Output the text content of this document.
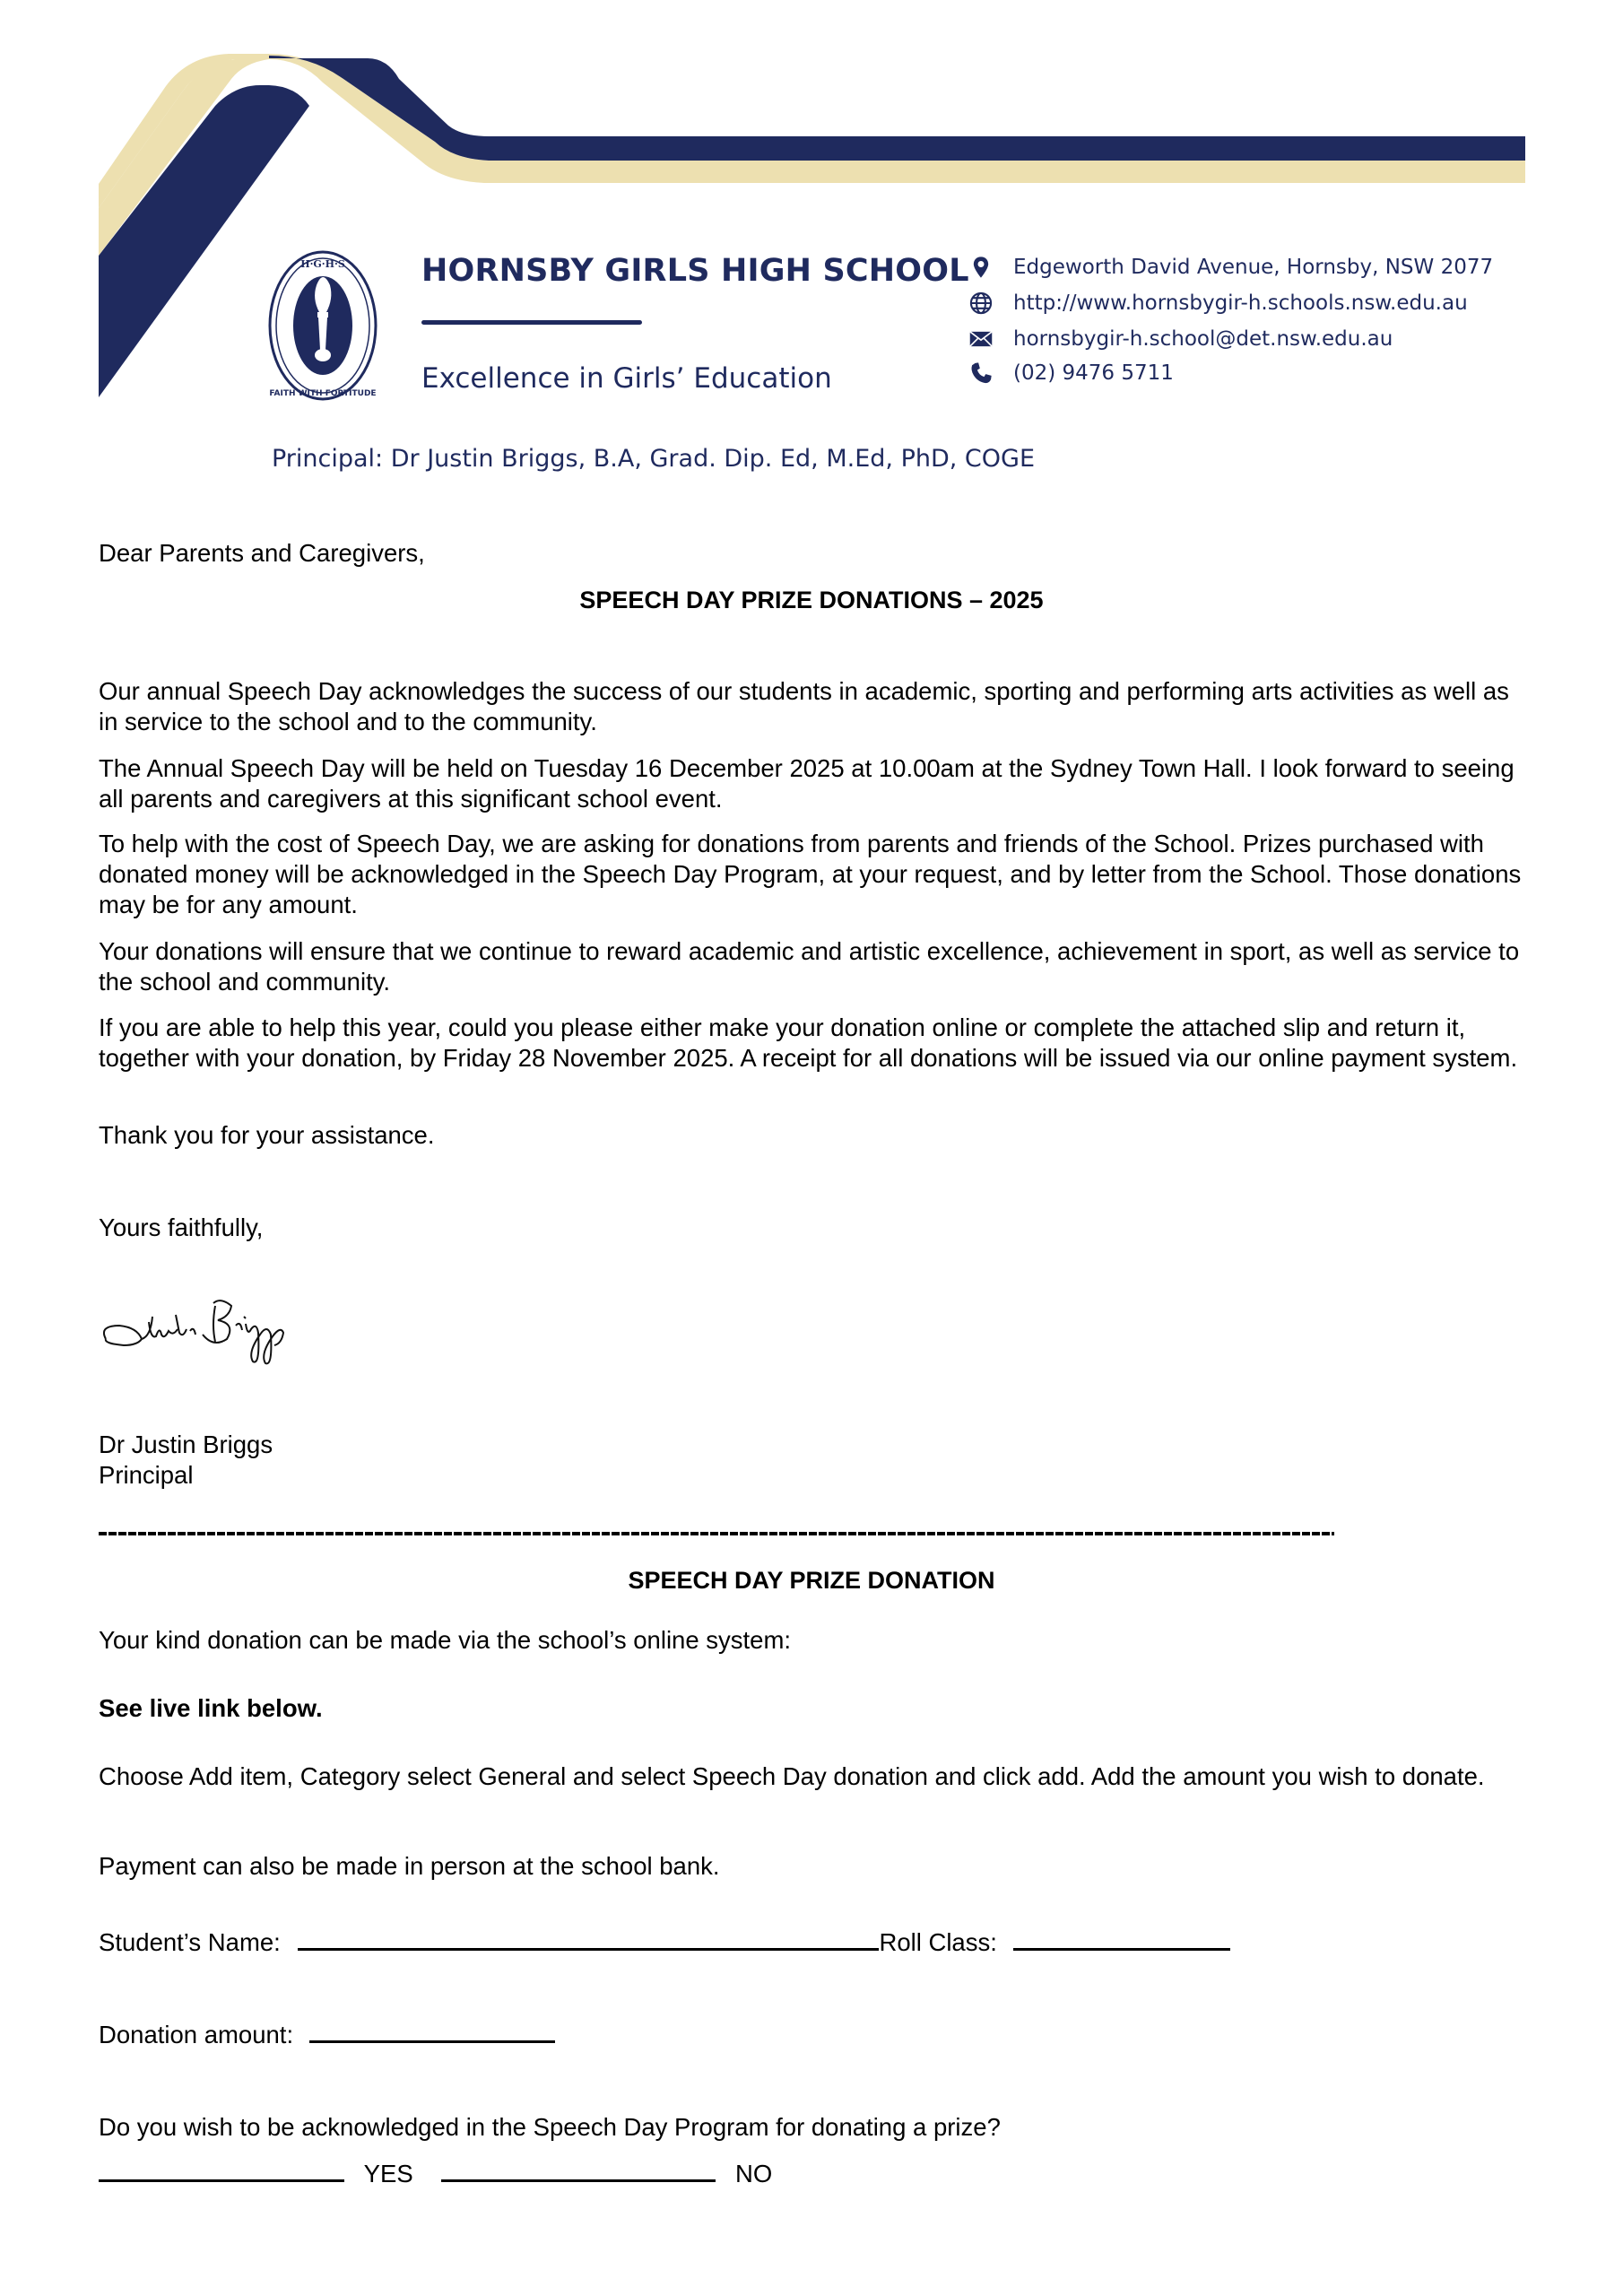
H·G·H·S
FAITH WITH FORTITUDE
HORNSBY GIRLS HIGH SCHOOL
Excellence in Girls’ Education
Principal: Dr Justin Briggs, B.A, Grad. Dip. Ed, M.Ed, PhD, COGE
Edgeworth David Avenue, Hornsby, NSW 2077
http://www.hornsbygir-h.schools.nsw.edu.au
hornsbygir-h.school@det.nsw.edu.au
(02) 9476 5711
Dear Parents and Caregivers,
SPEECH DAY PRIZE DONATIONS – 2025
Our annual Speech Day acknowledges the success of our students in academic, sporting and performing arts activities as well as in service to the school and to the community.
The Annual Speech Day will be held on Tuesday 16 December 2025 at 10.00am at the Sydney Town Hall. I look forward to seeing all parents and caregivers at this significant school event.
To help with the cost of Speech Day, we are asking for donations from parents and friends of the School. Prizes purchased with donated money will be acknowledged in the Speech Day Program, at your request, and by letter from the School. Those donations may be for any amount.
Your donations will ensure that we continue to reward academic and artistic excellence, achievement in sport, as well as service to the school and community.
If you are able to help this year, could you please either make your donation online or complete the attached slip and return it, together with your donation, by Friday 28 November 2025. A receipt for all donations will be issued via our online payment system.
Thank you for your assistance.
Yours faithfully,
Dr Justin Briggs
Principal
SPEECH DAY PRIZE DONATION
Your kind donation can be made via the school’s online system:
See live link below.
Choose Add item, Category select General and select Speech Day donation and click add. Add the amount you wish to donate.
Payment can also be made in person at the school bank.
Student’s Name:	Roll Class:
Donation amount:
Do you wish to be acknowledged in the Speech Day Program for donating a prize?
YES	NO
